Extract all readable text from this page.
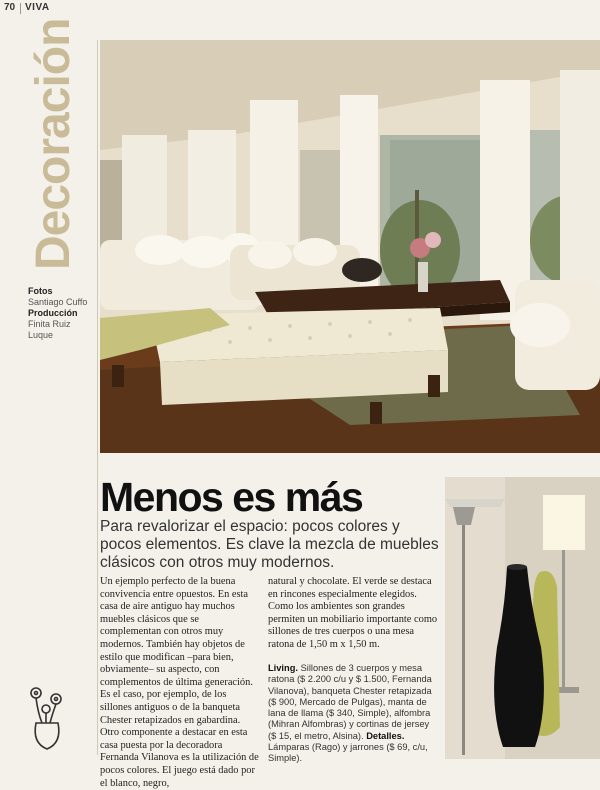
70 VIVA
Decoración
Fotos
Santiago Cuffo
Producción
Finita Ruiz Luque
Menos es más
Para revalorizar el espacio: pocos colores y pocos elementos. Es clave la mezcla de muebles clásicos con otros muy modernos.
Un ejemplo perfecto de la buena convivencia entre opuestos. En esta casa de aire antiguo hay muchos muebles clásicos que se complementan con otros muy modernos. También hay objetos de estilo que modifican –para bien, obviamente– su aspecto, con complementos de última generación. Es el caso, por ejemplo, de los sillones antiguos o de la banqueta Chester retapizados en gabardina. Otro componente a destacar en esta casa puesta por la decoradora Fernanda Vilanova es la utilización de pocos colores. El juego está dado por el blanco, negro,
natural y chocolate. El verde se destaca en rincones especialmente elegidos. Como los ambientes son grandes permiten un mobiliario importante como sillones de tres cuerpos o una mesa ratona de 1,50 m x 1,50 m.
Living. Sillones de 3 cuerpos y mesa ratona ($ 2.200 c/u y $ 1.500, Fernanda Vilanova), banqueta Chester retapizada ($ 900, Mercado de Pulgas), manta de lana de llama ($ 340, Simple), alfombra (Mihran Alfombras) y cortinas de jersey ($ 15, el metro, Alsina). Detalles. Lámparas (Rago) y jarrones ($ 69, c/u, Simple).
